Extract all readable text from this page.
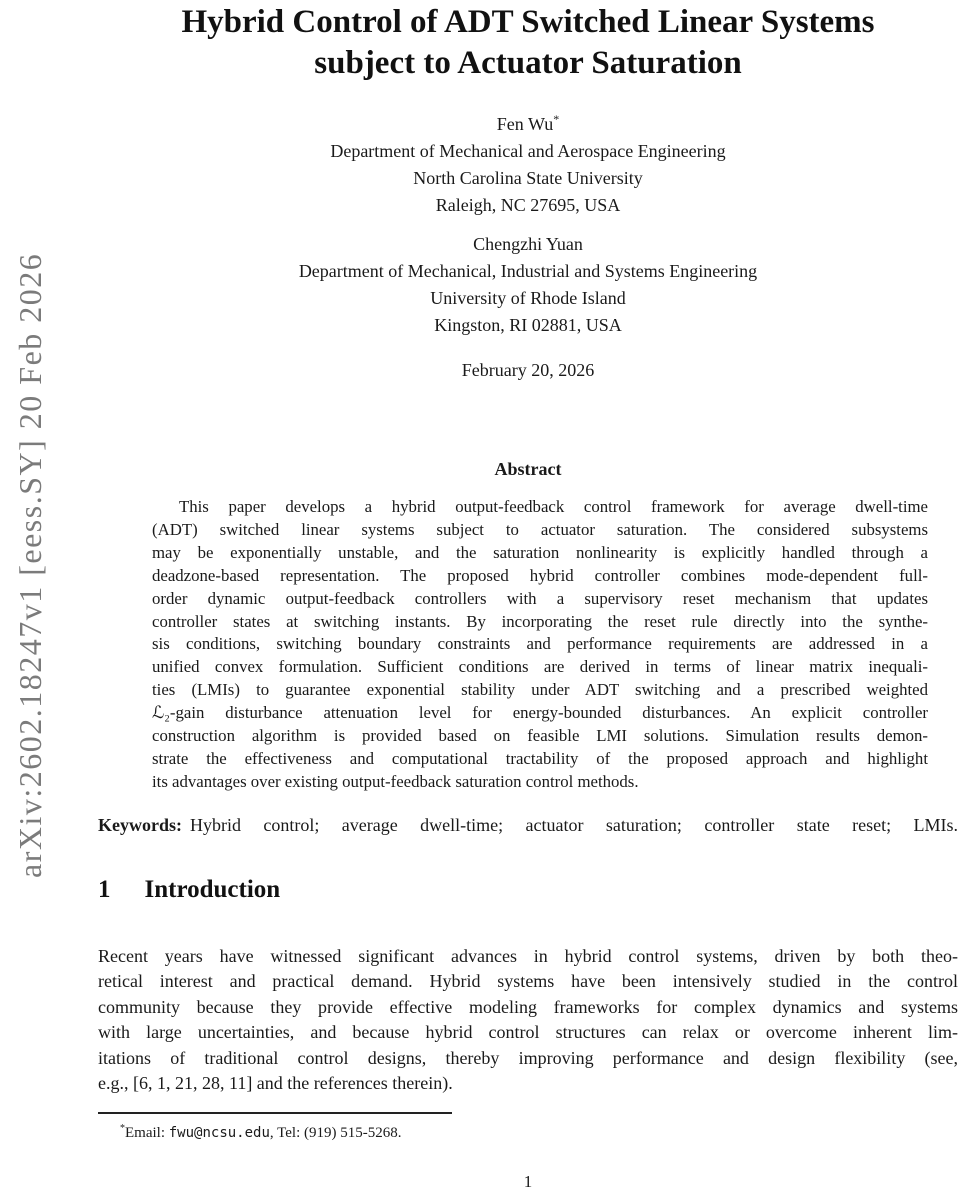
arXiv:2602.18247v1 [eess.SY] 20 Feb 2026
Hybrid Control of ADT Switched Linear Systems
subject to Actuator Saturation
Fen Wu*
Department of Mechanical and Aerospace Engineering
North Carolina State University
Raleigh, NC 27695, USA
Chengzhi Yuan
Department of Mechanical, Industrial and Systems Engineering
University of Rhode Island
Kingston, RI 02881, USA
February 20, 2026
Abstract
This paper develops a hybrid output-feedback control framework for average dwell-time
(ADT) switched linear systems subject to actuator saturation. The considered subsystems
may be exponentially unstable, and the saturation nonlinearity is explicitly handled through a
deadzone-based representation. The proposed hybrid controller combines mode-dependent full-
order dynamic output-feedback controllers with a supervisory reset mechanism that updates
controller states at switching instants. By incorporating the reset rule directly into the synthe-
sis conditions, switching boundary constraints and performance requirements are addressed in a
unified convex formulation. Sufficient conditions are derived in terms of linear matrix inequali-
ties (LMIs) to guarantee exponential stability under ADT switching and a prescribed weighted
ℒ₂-gain disturbance attenuation level for energy-bounded disturbances. An explicit controller
construction algorithm is provided based on feasible LMI solutions. Simulation results demon-
strate the effectiveness and computational tractability of the proposed approach and highlight
its advantages over existing output-feedback saturation control methods.
Keywords: Hybrid control; average dwell-time; actuator saturation; controller state reset; LMIs.
1 Introduction
Recent years have witnessed significant advances in hybrid control systems, driven by both theo-
retical interest and practical demand. Hybrid systems have been intensively studied in the control
community because they provide effective modeling frameworks for complex dynamics and systems
with large uncertainties, and because hybrid control structures can relax or overcome inherent lim-
itations of traditional control designs, thereby improving performance and design flexibility (see,
e.g., [6, 1, 21, 28, 11] and the references therein).
*Email: fwu@ncsu.edu, Tel: (919) 515-5268.
1
